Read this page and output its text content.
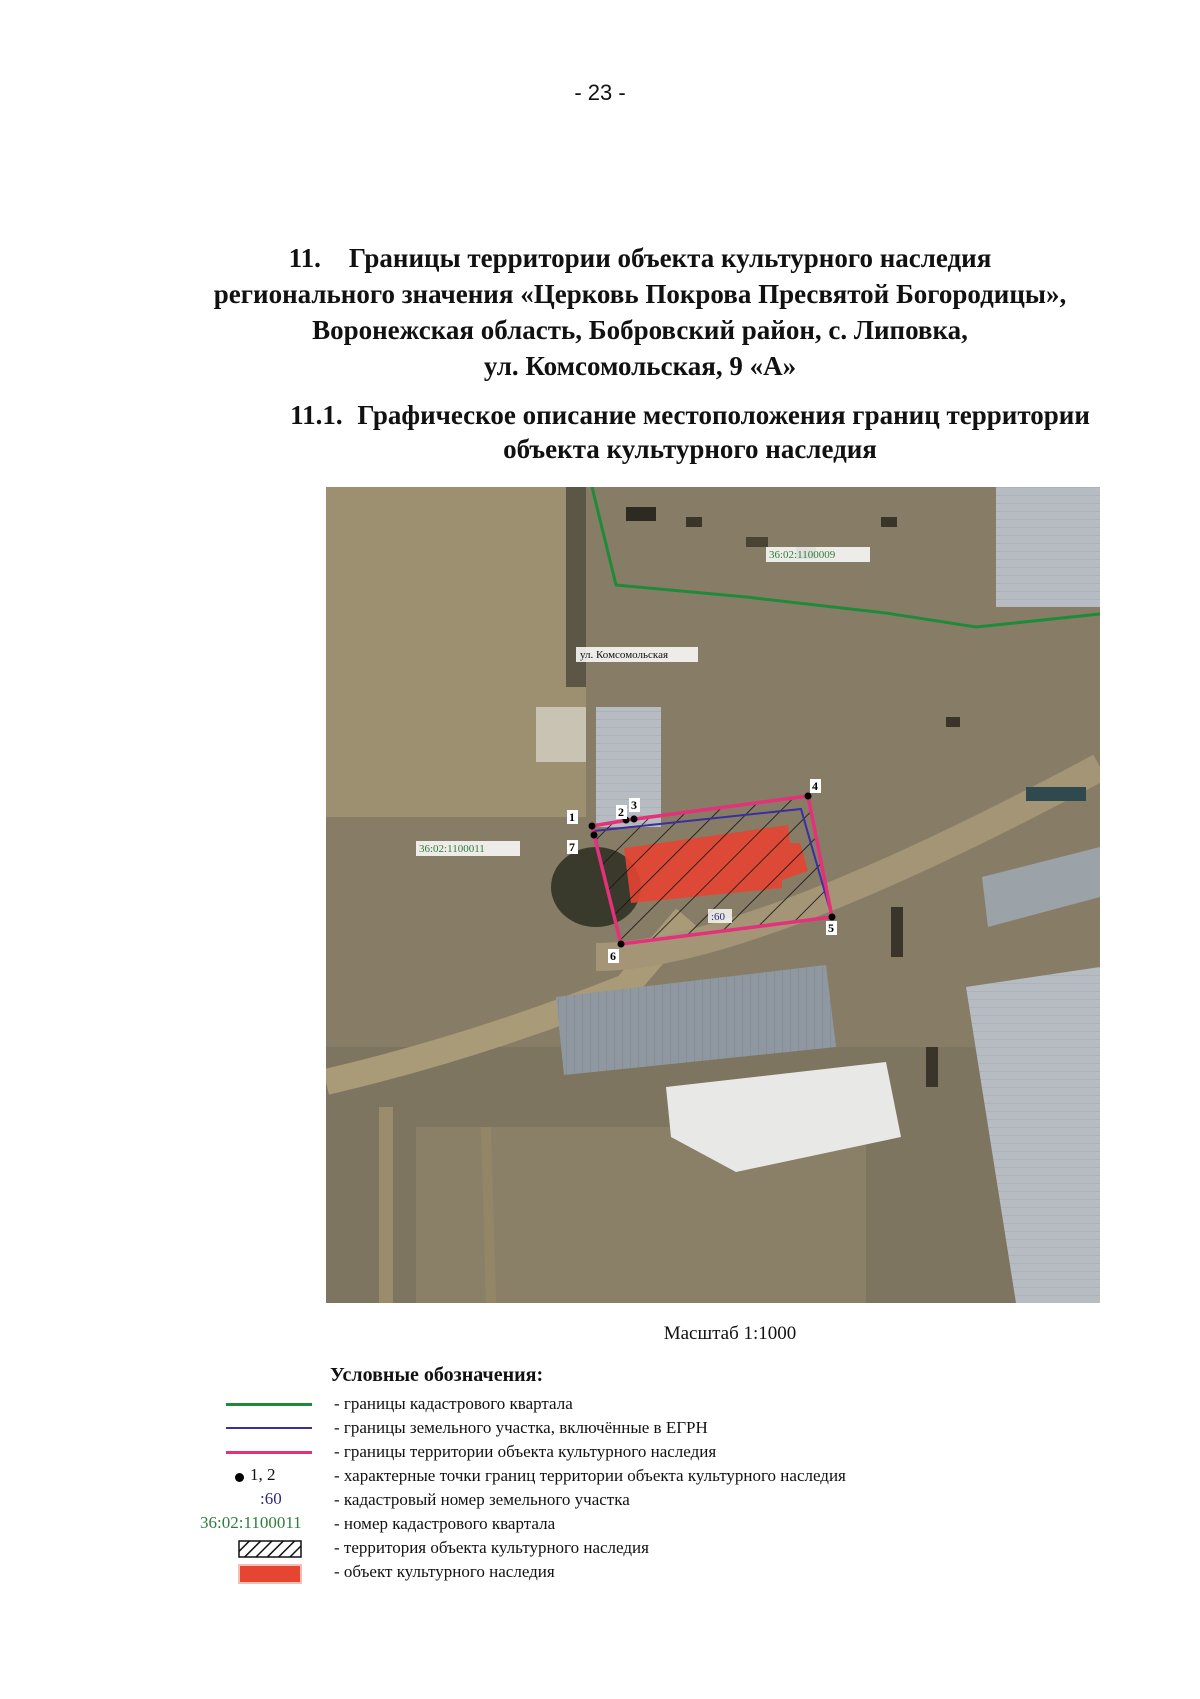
- 23 -
11. Границы территории объекта культурного наследия
регионального значения «Церковь Покрова Пресвятой Богородицы»,
Воронежская область, Бобровский район, с. Липовка,
ул. Комсомольская, 9 «А»
11.1. Графическое описание местоположения границ территории
объекта культурного наследия
1	2 3
4
5
6
7
36:02:1100009
36:02:1100011
ул. Комсомольская
:60
Масштаб 1:1000
Условные обозначения:
- границы кадастрового квартала
- границы земельного участка, включённые в ЕГРН
- границы территории объекта культурного наследия
1, 2	- характерные точки границ территории объекта культурного наследия
:60	- кадастровый номер земельного участка
36:02:1100011 - номер кадастрового квартала
- территория объекта культурного наследия
- объект культурного наследия
